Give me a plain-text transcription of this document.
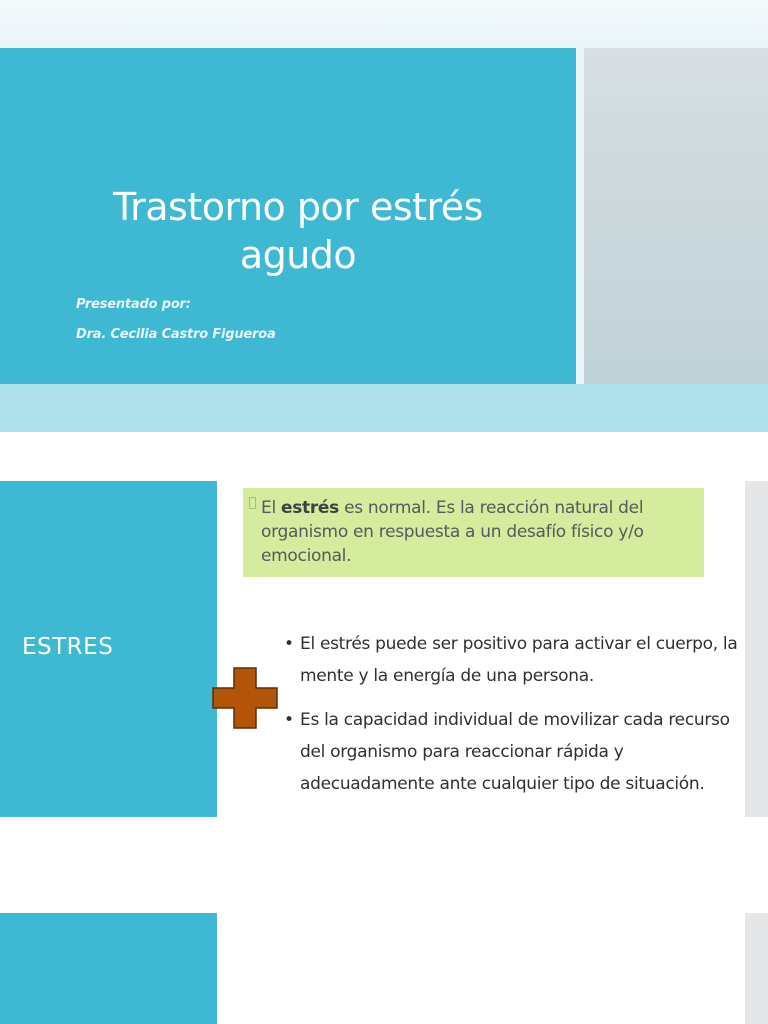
Trastorno por estrés
agudo
Presentado por:
Dra. Cecilia Castro Figueroa
ESTRES
El estrés es normal. Es la reacción natural del organismo en respuesta a un desafío físico y/o emocional.
• El estrés puede ser positivo para activar el cuerpo, la mente y la energía de una persona.
• Es la capacidad individual de movilizar cada recurso del organismo para reaccionar rápida y adecuadamente ante cualquier tipo de situación.
